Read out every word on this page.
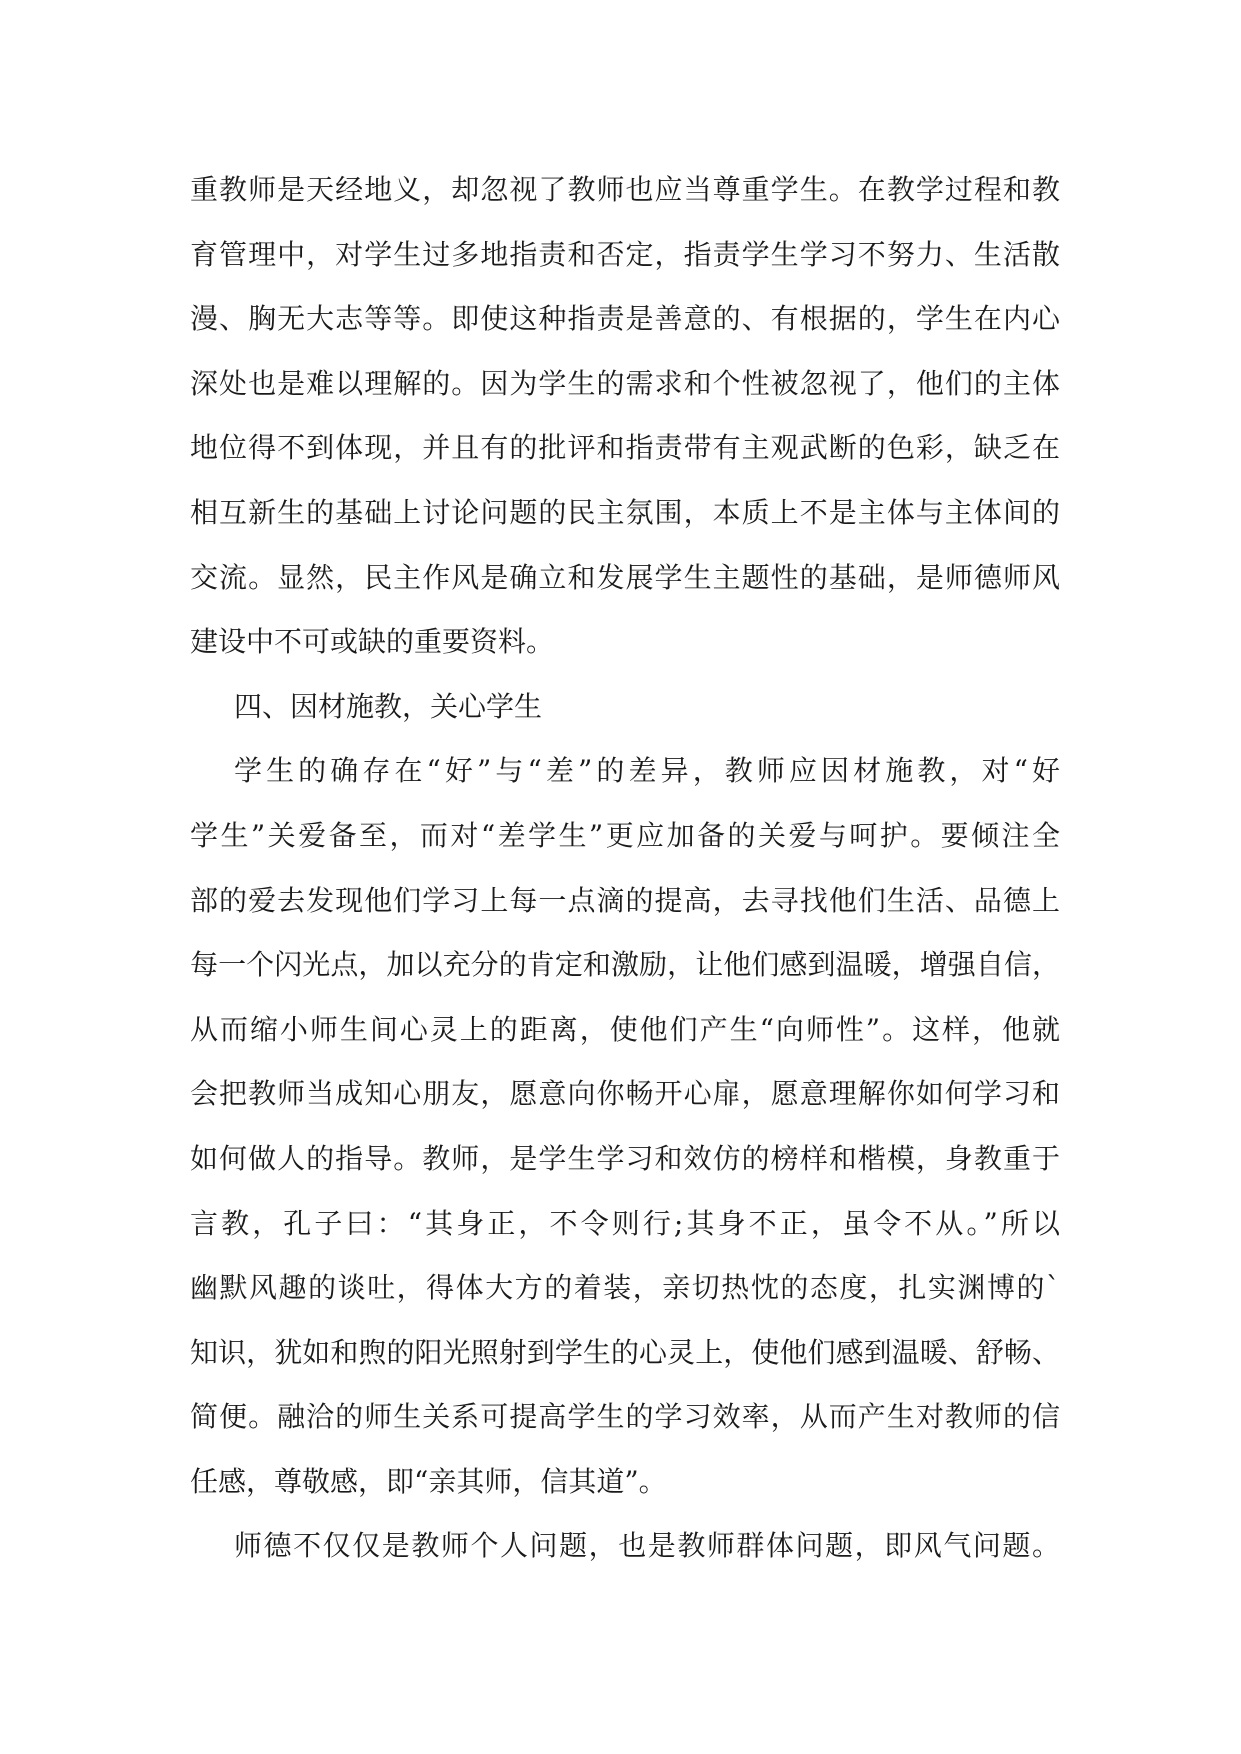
重教师是天经地义，却忽视了教师也应当尊重学生。在教学过程和教
育管理中，对学生过多地指责和否定，指责学生学习不努力、生活散
漫、胸无大志等等。即使这种指责是善意的、有根据的，学生在内心
深处也是难以理解的。因为学生的需求和个性被忽视了，他们的主体
地位得不到体现，并且有的批评和指责带有主观武断的色彩，缺乏在
相互新生的基础上讨论问题的民主氛围，本质上不是主体与主体间的
交流。显然，民主作风是确立和发展学生主题性的基础，是师德师风
建设中不可或缺的重要资料。
四、因材施教，关心学生
学生的确存在“好”与“差”的差异，教师应因材施教，对“好
学生”关爱备至，而对“差学生”更应加备的关爱与呵护。要倾注全
部的爱去发现他们学习上每一点滴的提高，去寻找他们生活、品德上
每一个闪光点，加以充分的肯定和激励，让他们感到温暖，增强自信，
从而缩小师生间心灵上的距离，使他们产生“向师性”。这样，他就
会把教师当成知心朋友，愿意向你畅开心扉，愿意理解你如何学习和
如何做人的指导。教师，是学生学习和效仿的榜样和楷模，身教重于
言教，孔子曰：“其身正，不令则行;其身不正，虽令不从。”所以
幽默风趣的谈吐，得体大方的着装，亲切热忱的态度，扎实渊博的`
知识，犹如和煦的阳光照射到学生的心灵上，使他们感到温暖、舒畅、
简便。融洽的师生关系可提高学生的学习效率，从而产生对教师的信
任感，尊敬感，即“亲其师，信其道”。
师德不仅仅是教师个人问题，也是教师群体问题，即风气问题。
